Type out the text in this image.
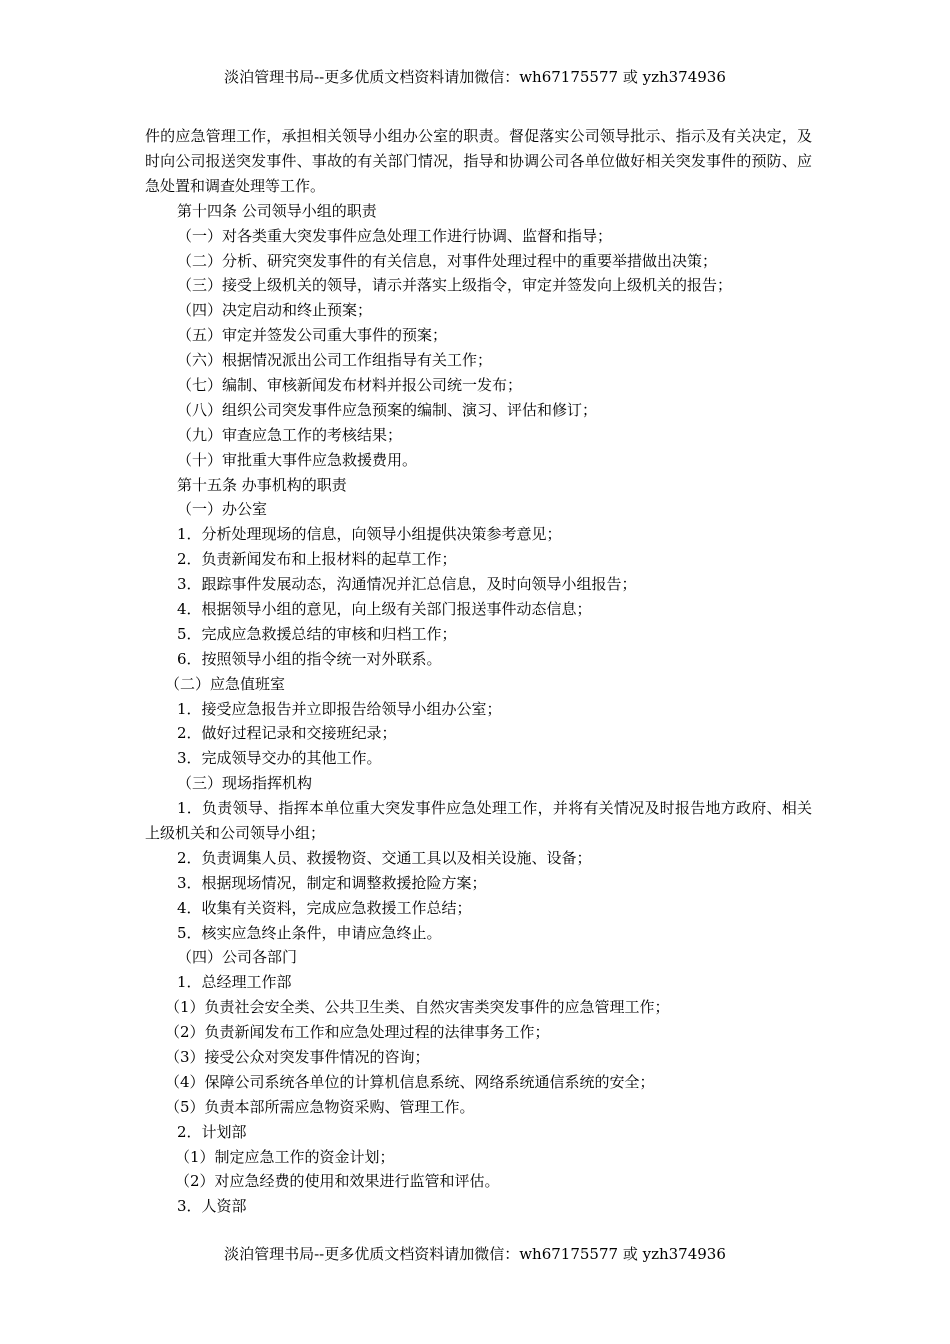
淡泊管理书局--更多优质文档资料请加微信：wh67175577 或 yzh374936
件的应急管理工作，承担相关领导小组办公室的职责。督促落实公司领导批示、指示及有关决定，及时向公司报送突发事件、事故的有关部门情况，指导和协调公司各单位做好相关突发事件的预防、应急处置和调查处理等工作。
第十四条 公司领导小组的职责
（一）对各类重大突发事件应急处理工作进行协调、监督和指导；
（二）分析、研究突发事件的有关信息，对事件处理过程中的重要举措做出决策；
（三）接受上级机关的领导，请示并落实上级指令，审定并签发向上级机关的报告；
（四）决定启动和终止预案；
（五）审定并签发公司重大事件的预案；
（六）根据情况派出公司工作组指导有关工作；
（七）编制、审核新闻发布材料并报公司统一发布；
（八）组织公司突发事件应急预案的编制、演习、评估和修订；
（九）审查应急工作的考核结果；
（十）审批重大事件应急救援费用。
第十五条 办事机构的职责
（一）办公室
1．分析处理现场的信息，向领导小组提供决策参考意见；
2．负责新闻发布和上报材料的起草工作；
3．跟踪事件发展动态，沟通情况并汇总信息，及时向领导小组报告；
4．根据领导小组的意见，向上级有关部门报送事件动态信息；
5．完成应急救援总结的审核和归档工作；
6．按照领导小组的指令统一对外联系。
（二）应急值班室
1．接受应急报告并立即报告给领导小组办公室；
2．做好过程记录和交接班纪录；
3．完成领导交办的其他工作。
（三）现场指挥机构
1．负责领导、指挥本单位重大突发事件应急处理工作，并将有关情况及时报告地方政府、相关上级机关和公司领导小组；
2．负责调集人员、救援物资、交通工具以及相关设施、设备；
3．根据现场情况，制定和调整救援抢险方案；
4．收集有关资料，完成应急救援工作总结；
5．核实应急终止条件，申请应急终止。
（四）公司各部门
1．总经理工作部
（1）负责社会安全类、公共卫生类、自然灾害类突发事件的应急管理工作；
（2）负责新闻发布工作和应急处理过程的法律事务工作；
（3）接受公众对突发事件情况的咨询；
（4）保障公司系统各单位的计算机信息系统、网络系统通信系统的安全；
（5）负责本部所需应急物资采购、管理工作。
2．计划部
（1）制定应急工作的资金计划；
（2）对应急经费的使用和效果进行监管和评估。
3．人资部
淡泊管理书局--更多优质文档资料请加微信：wh67175577 或 yzh374936
